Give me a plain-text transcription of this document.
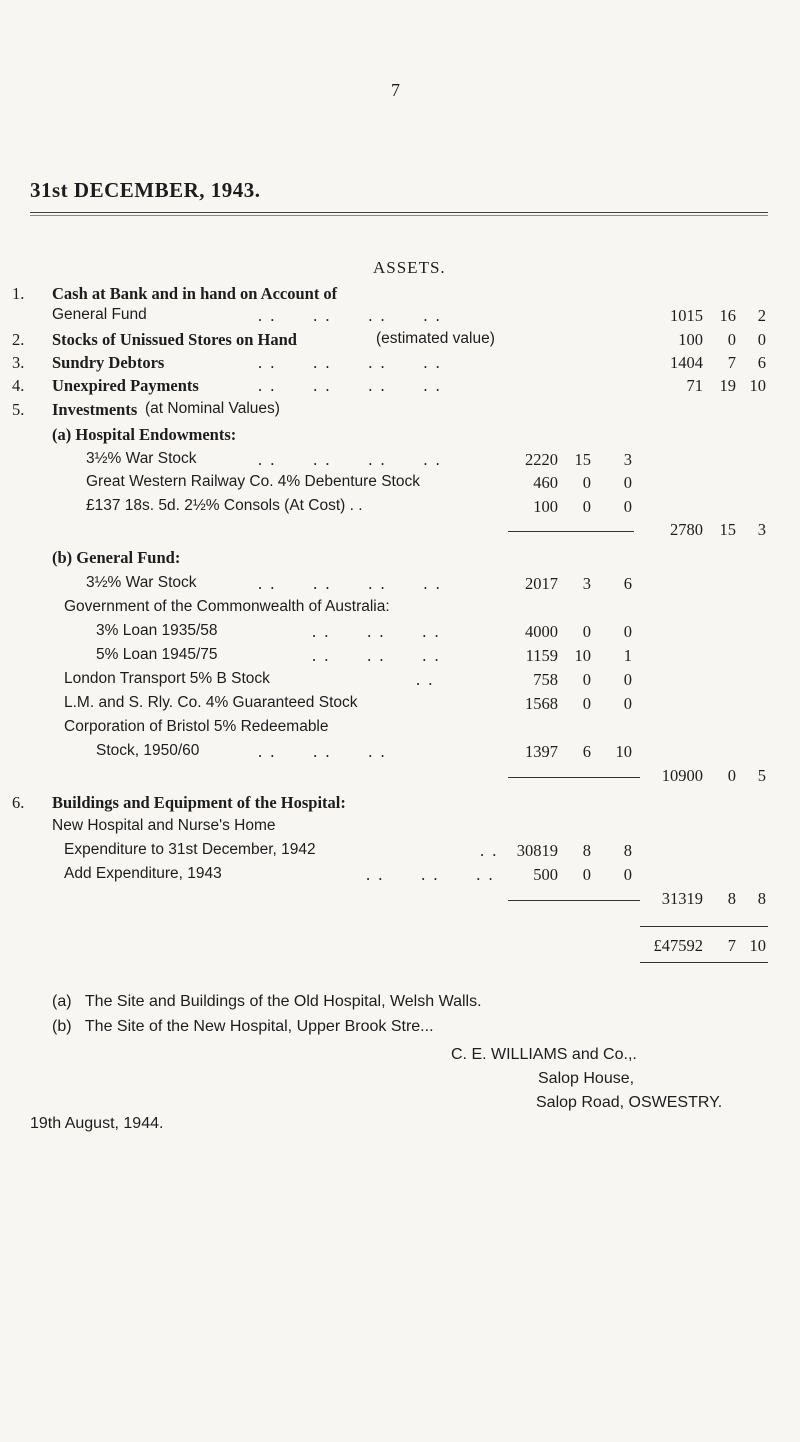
7
31st DECEMBER, 1943.
ASSETS.
1. Cash at Bank and in hand on Account of
General Fund	. .      . .      . .      . .	1015	16	2
2. Stocks of Unissued Stores on Hand	(estimated value)	100	0	0
3. Sundry Debtors	. .      . .      . .      . .	1404	7	6
4. Unexpired Payments	. .      . .      . .      . .	71	19 10
5. Investments (at Nominal Values)
(a) Hospital Endowments:
3½% War Stock	. .      . .      . .      . .	2220	15	3
Great Western Railway Co. 4% Debenture Stock	460	0	0
£137 18s. 5d. 2½% Consols (At Cost) . .	100	0	0
2780	15	3
(b) General Fund:
3½% War Stock	. .      . .      . .      . .	2017	3	6
Government of the Commonwealth of Australia:
3% Loan 1935/58	. .      . .      . .	4000	0	0
5% Loan 1945/75	. .      . .      . .	1159	10	1
London Transport 5% B Stock	. .	758	0	0
L.M. and S. Rly. Co. 4% Guaranteed Stock	1568	0	0
Corporation of Bristol 5% Redeemable
Stock, 1950/60	. .      . .      . .	1397	6	10
10900	0	5
6. Buildings and Equipment of the Hospital:
New Hospital and Nurse's Home
Expenditure to 31st December, 1942	. .	30819	8	8
Add Expenditure, 1943	. .      . .      . .	500	0	0
31319	8	8
£47592	7 10
(a) The Site and Buildings of the Old Hospital, Welsh Walls.
(b) The Site of the New Hospital, Upper Brook Stre...
C. E. WILLIAMS and Co.,.
Salop House,
Salop Road, OSWESTRY.
19th August, 1944.
